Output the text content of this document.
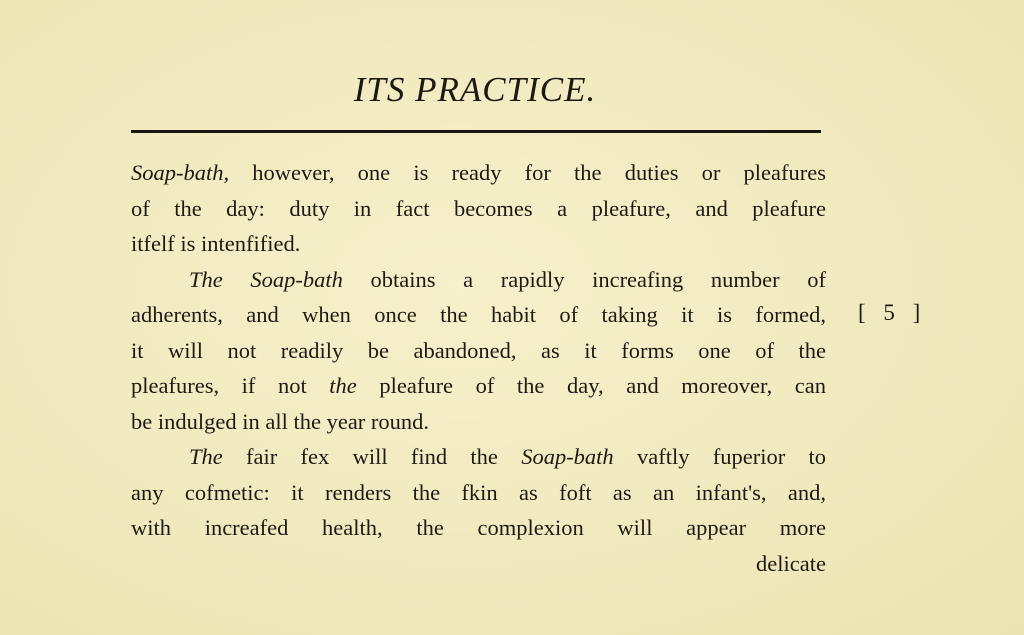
ITS PRACTICE.
Soap-bath, however, one is ready for the duties or pleafures
of the day: duty in fact becomes a pleafure, and pleafure
itfelf is intenfified.
The Soap-bath obtains a rapidly increafing number of
adherents, and when once the habit of taking it is formed,
it will not readily be abandoned, as it forms one of the
pleafures, if not the pleafure of the day, and moreover, can
be indulged in all the year round.
The fair fex will find the Soap-bath vaftly fuperior to
any cofmetic: it renders the fkin as foft as an infant's, and,
with increafed health, the complexion will appear more
delicate
[ 5 ]
